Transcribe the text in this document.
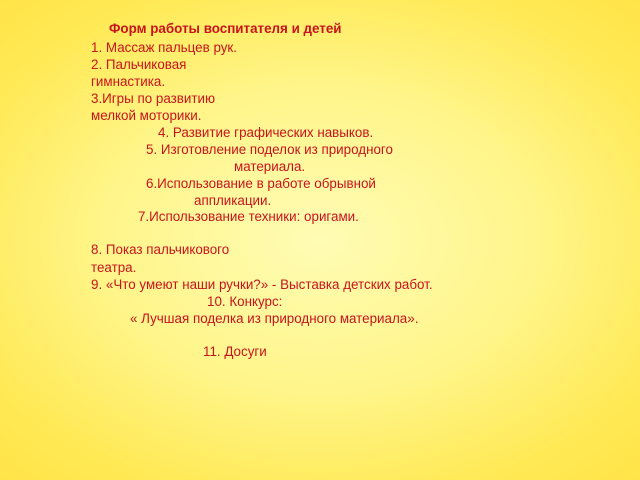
Форм работы воспитателя и детей

1. Массаж пальцев рук.

2. Пальчиковая

гимнастика.

3.Игры по развитию

мелкой моторики.

4. Развитие графических навыков.

5. Изготовление поделок из природного

материала.

6.Использование в работе обрывной

аппликации.

7.Использование техники: оригами.

8. Показ пальчикового

театра.

9. «Что умеют наши ручки?» - Выставка детских работ.

10. Конкурс:

« Лучшая поделка из природного материала».

11. Досуги
